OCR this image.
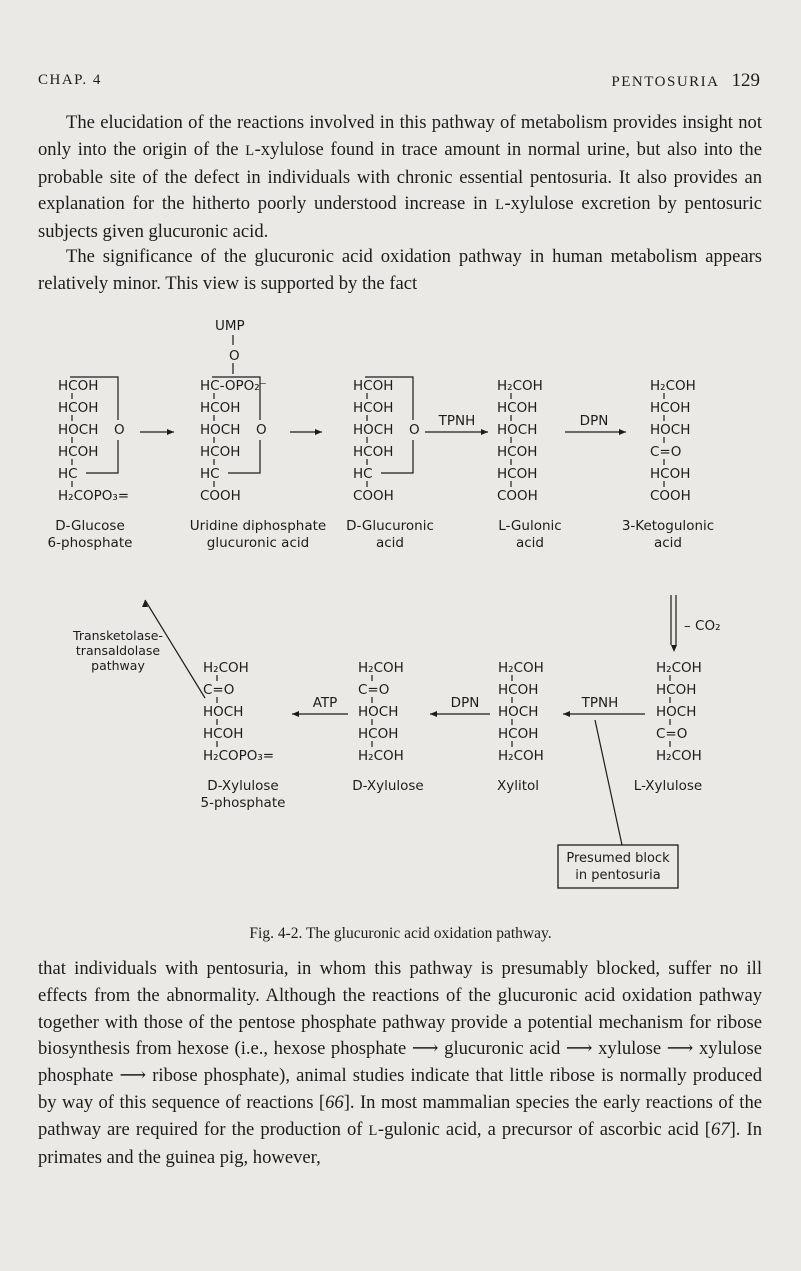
CHAP. 4	PENTOSURIA 129

The elucidation of the reactions involved in this pathway of metabolism provides insight not only into the origin of the L-xylulose found in trace amount in normal urine, but also into the probable site of the defect in individuals with chronic essential pentosuria. It also provides an explanation for the hitherto poorly understood increase in L-xylulose excretion by pentosuric subjects given glucuronic acid.

The significance of the glucuronic acid oxidation pathway in human metabolism appears relatively minor. This view is supported by the fact

UMP
O
HCOH
HCOH
HOCH
HCOH
HC
H₂COPO₃=
O
D-Glucose
6-phosphate
HC-OPO₂⁻
HCOH
HOCH
HCOH
HC
COOH
O
Uridine diphosphate
glucuronic acid
HCOH
HCOH
HOCH
HCOH
HC
COOH
O
D-Glucuronic
acid
H₂COH
HCOH
HOCH
HCOH
HCOH
COOH
L-Gulonic
acid
H₂COH
HCOH
HOCH
C=O
HCOH
COOH
3-Ketogulonic
acid
TPNH	DPN
– CO₂
Transketolase-
transaldolase
pathway	H₂COH
C=O
HOCH
HCOH
H₂COPO₃=
D-Xylulose
5-phosphate
H₂COH
C=O
HOCH
HCOH
H₂COH
D-Xylulose
H₂COH
HCOH
HOCH
HCOH
H₂COH
Xylitol
H₂COH
HCOH
HOCH
C=O
H₂COH
L-Xylulose
ATP	DPN	TPNH
Presumed block
in pentosuria
Fig. 4-2. The glucuronic acid oxidation pathway.

that individuals with pentosuria, in whom this pathway is presumably blocked, suffer no ill effects from the abnormality. Although the reactions of the glucuronic acid oxidation pathway together with those of the pentose phosphate pathway provide a potential mechanism for ribose biosynthesis from hexose (i.e., hexose phosphate ⟶ glucuronic acid ⟶ xylulose ⟶ xylulose phosphate ⟶ ribose phosphate), animal studies indicate that little ribose is normally produced by way of this sequence of reactions [66]. In most mammalian species the early reactions of the pathway are required for the production of L-gulonic acid, a precursor of ascorbic acid [67]. In primates and the guinea pig, however,
